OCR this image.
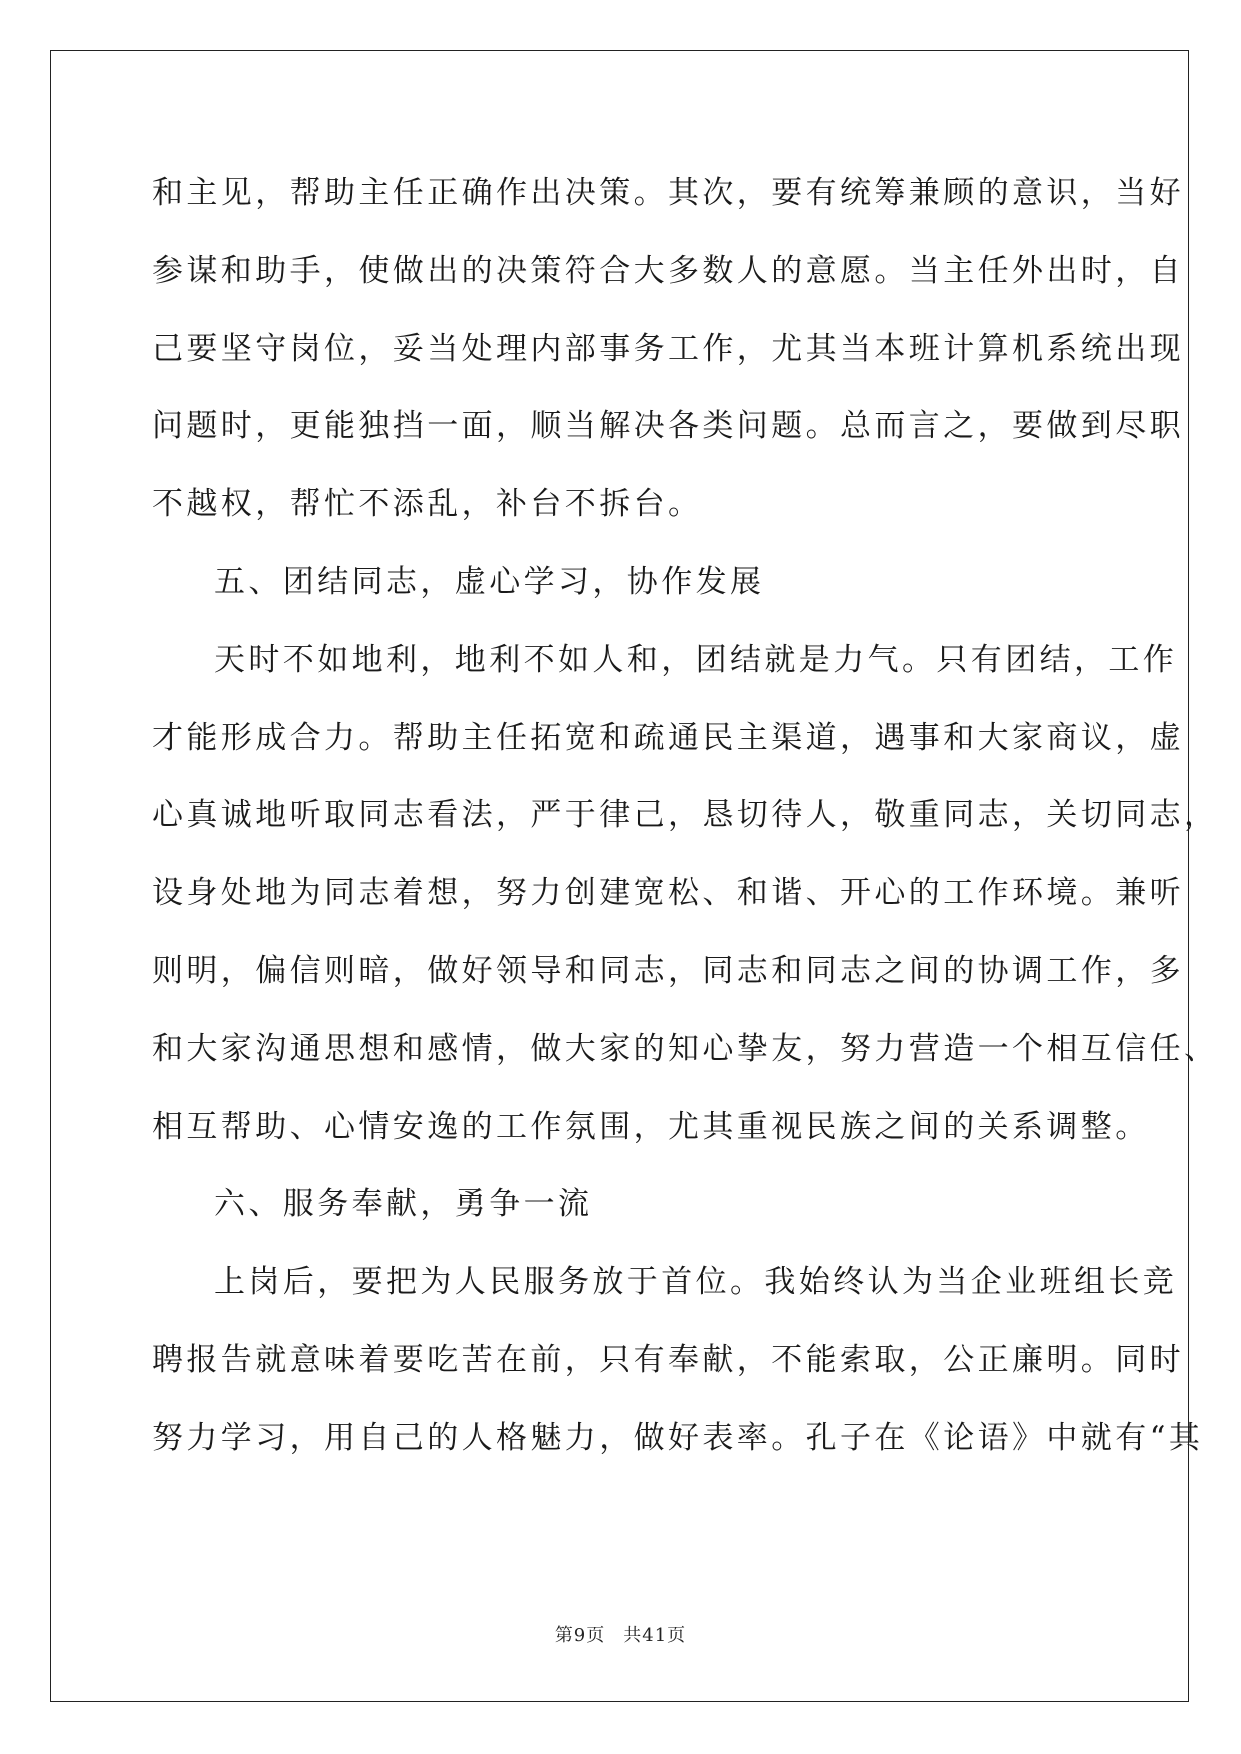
和主见，帮助主任正确作出决策。其次，要有统筹兼顾的意识，当好
参谋和助手，使做出的决策符合大多数人的意愿。当主任外出时，自
己要坚守岗位，妥当处理内部事务工作，尤其当本班计算机系统出现
问题时，更能独挡一面，顺当解决各类问题。总而言之，要做到尽职
不越权，帮忙不添乱，补台不拆台。
五、团结同志，虚心学习，协作发展
天时不如地利，地利不如人和，团结就是力气。只有团结，工作
才能形成合力。帮助主任拓宽和疏通民主渠道，遇事和大家商议，虚
心真诚地听取同志看法，严于律己，恳切待人，敬重同志，关切同志，
设身处地为同志着想，努力创建宽松、和谐、开心的工作环境。兼听
则明，偏信则暗，做好领导和同志，同志和同志之间的协调工作，多
和大家沟通思想和感情，做大家的知心挚友，努力营造一个相互信任、
相互帮助、心情安逸的工作氛围，尤其重视民族之间的关系调整。
六、服务奉献，勇争一流
上岗后，要把为人民服务放于首位。我始终认为当企业班组长竞
聘报告就意味着要吃苦在前，只有奉献，不能索取，公正廉明。同时
努力学习，用自己的人格魅力，做好表率。孔子在《论语》中就有“其
第9页 共41页
